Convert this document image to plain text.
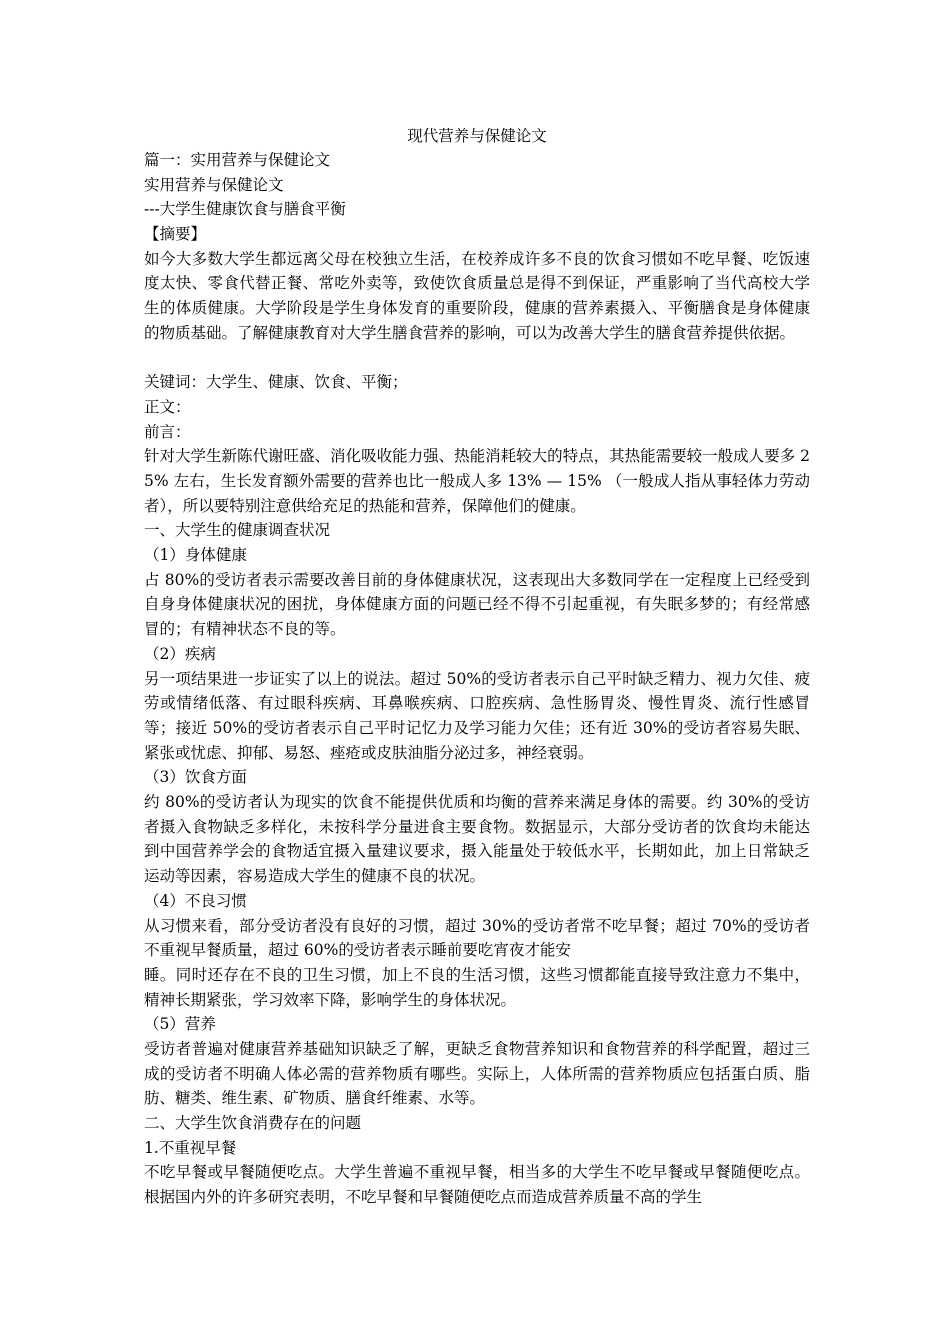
现代营养与保健论文
篇一：实用营养与保健论文
实用营养与保健论文
---大学生健康饮食与膳食平衡
【摘要】
如今大多数大学生都远离父母在校独立生活，在校养成许多不良的饮食习惯如不吃早餐、吃饭速度太快、零食代替正餐、常吃外卖等，致使饮食质量总是得不到保证，严重影响了当代高校大学生的体质健康。大学阶段是学生身体发育的重要阶段，健康的营养素摄入、平衡膳食是身体健康的物质基础。了解健康教育对大学生膳食营养的影响，可以为改善大学生的膳食营养提供依据。
关键词：大学生、健康、饮食、平衡；
正文：
前言：
针对大学生新陈代谢旺盛、消化吸收能力强、热能消耗较大的特点，其热能需要较一般成人要多 25% 左右，生长发育额外需要的营养也比一般成人多 13% — 15% （一般成人指从事轻体力劳动者），所以要特别注意供给充足的热能和营养，保障他们的健康。
一、大学生的健康调查状况
（1）身体健康
占 80%的受访者表示需要改善目前的身体健康状况，这表现出大多数同学在一定程度上已经受到自身身体健康状况的困扰，身体健康方面的问题已经不得不引起重视，有失眠多梦的；有经常感冒的；有精神状态不良的等。
（2）疾病
另一项结果进一步证实了以上的说法。超过 50%的受访者表示自己平时缺乏精力、视力欠佳、疲劳或情绪低落、有过眼科疾病、耳鼻喉疾病、口腔疾病、急性肠胃炎、慢性胃炎、流行性感冒等；接近 50%的受访者表示自己平时记忆力及学习能力欠佳；还有近 30%的受访者容易失眠、紧张或忧虑、抑郁、易怒、痤疮或皮肤油脂分泌过多，神经衰弱。
（3）饮食方面
约 80%的受访者认为现实的饮食不能提供优质和均衡的营养来满足身体的需要。约 30%的受访者摄入食物缺乏多样化，未按科学分量进食主要食物。数据显示，大部分受访者的饮食均未能达到中国营养学会的食物适宜摄入量建议要求，摄入能量处于较低水平，长期如此，加上日常缺乏运动等因素，容易造成大学生的健康不良的状况。
（4）不良习惯
从习惯来看，部分受访者没有良好的习惯，超过 30%的受访者常不吃早餐；超过 70%的受访者不重视早餐质量，超过 60%的受访者表示睡前要吃宵夜才能安
睡。同时还存在不良的卫生习惯，加上不良的生活习惯，这些习惯都能直接导致注意力不集中，精神长期紧张，学习效率下降，影响学生的身体状况。
（5）营养
受访者普遍对健康营养基础知识缺乏了解，更缺乏食物营养知识和食物营养的科学配置，超过三成的受访者不明确人体必需的营养物质有哪些。实际上，人体所需的营养物质应包括蛋白质、脂肪、糖类、维生素、矿物质、膳食纤维素、水等。
二、大学生饮食消费存在的问题
1.不重视早餐
不吃早餐或早餐随便吃点。大学生普遍不重视早餐，相当多的大学生不吃早餐或早餐随便吃点。根据国内外的许多研究表明，不吃早餐和早餐随便吃点而造成营养质量不高的学生
